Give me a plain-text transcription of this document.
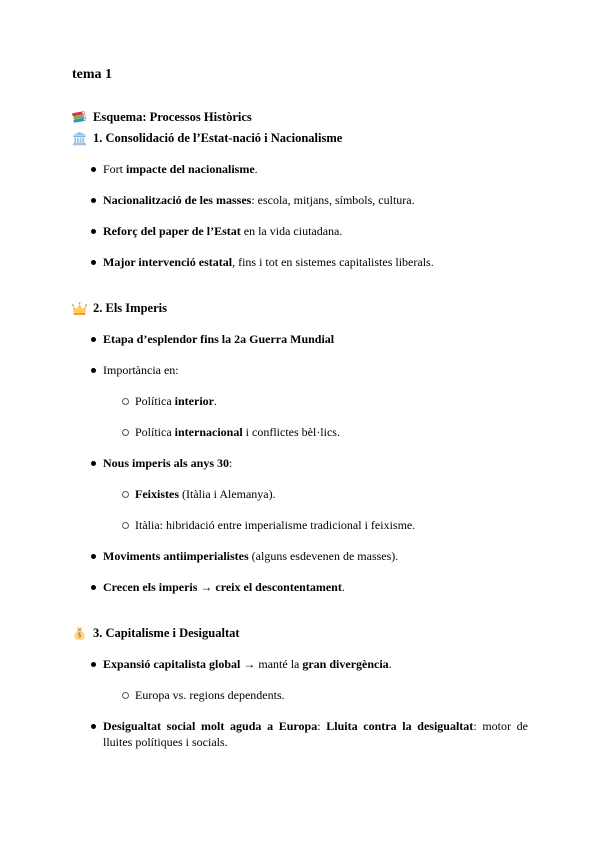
tema 1
Esquema: Processos Històrics
1. Consolidació de l’Estat-nació i Nacionalisme
Fort impacte del nacionalisme.
Nacionalització de les masses: escola, mitjans, símbols, cultura.
Reforç del paper de l’Estat en la vida ciutadana.
Major intervenció estatal, fins i tot en sistemes capitalistes liberals.
2. Els Imperis
Etapa d’esplendor fins la 2a Guerra Mundial
Importància en:
Política interior.
Política internacional i conflictes bèl·lics.
Nous imperis als anys 30:
Feixistes (Itàlia i Alemanya).
Itàlia: hibridació entre imperialisme tradicional i feixisme.
Moviments antiimperialistes (alguns esdevenen de masses).
Crecen els imperis → creix el descontentament.
$ 3. Capitalisme i Desigualtat
Expansió capitalista global → manté la gran divergència.
Europa vs. regions dependents.
Desigualtat social molt aguda a Europa: Lluita contra la desigualtat: motor de lluites polítiques i socials.
